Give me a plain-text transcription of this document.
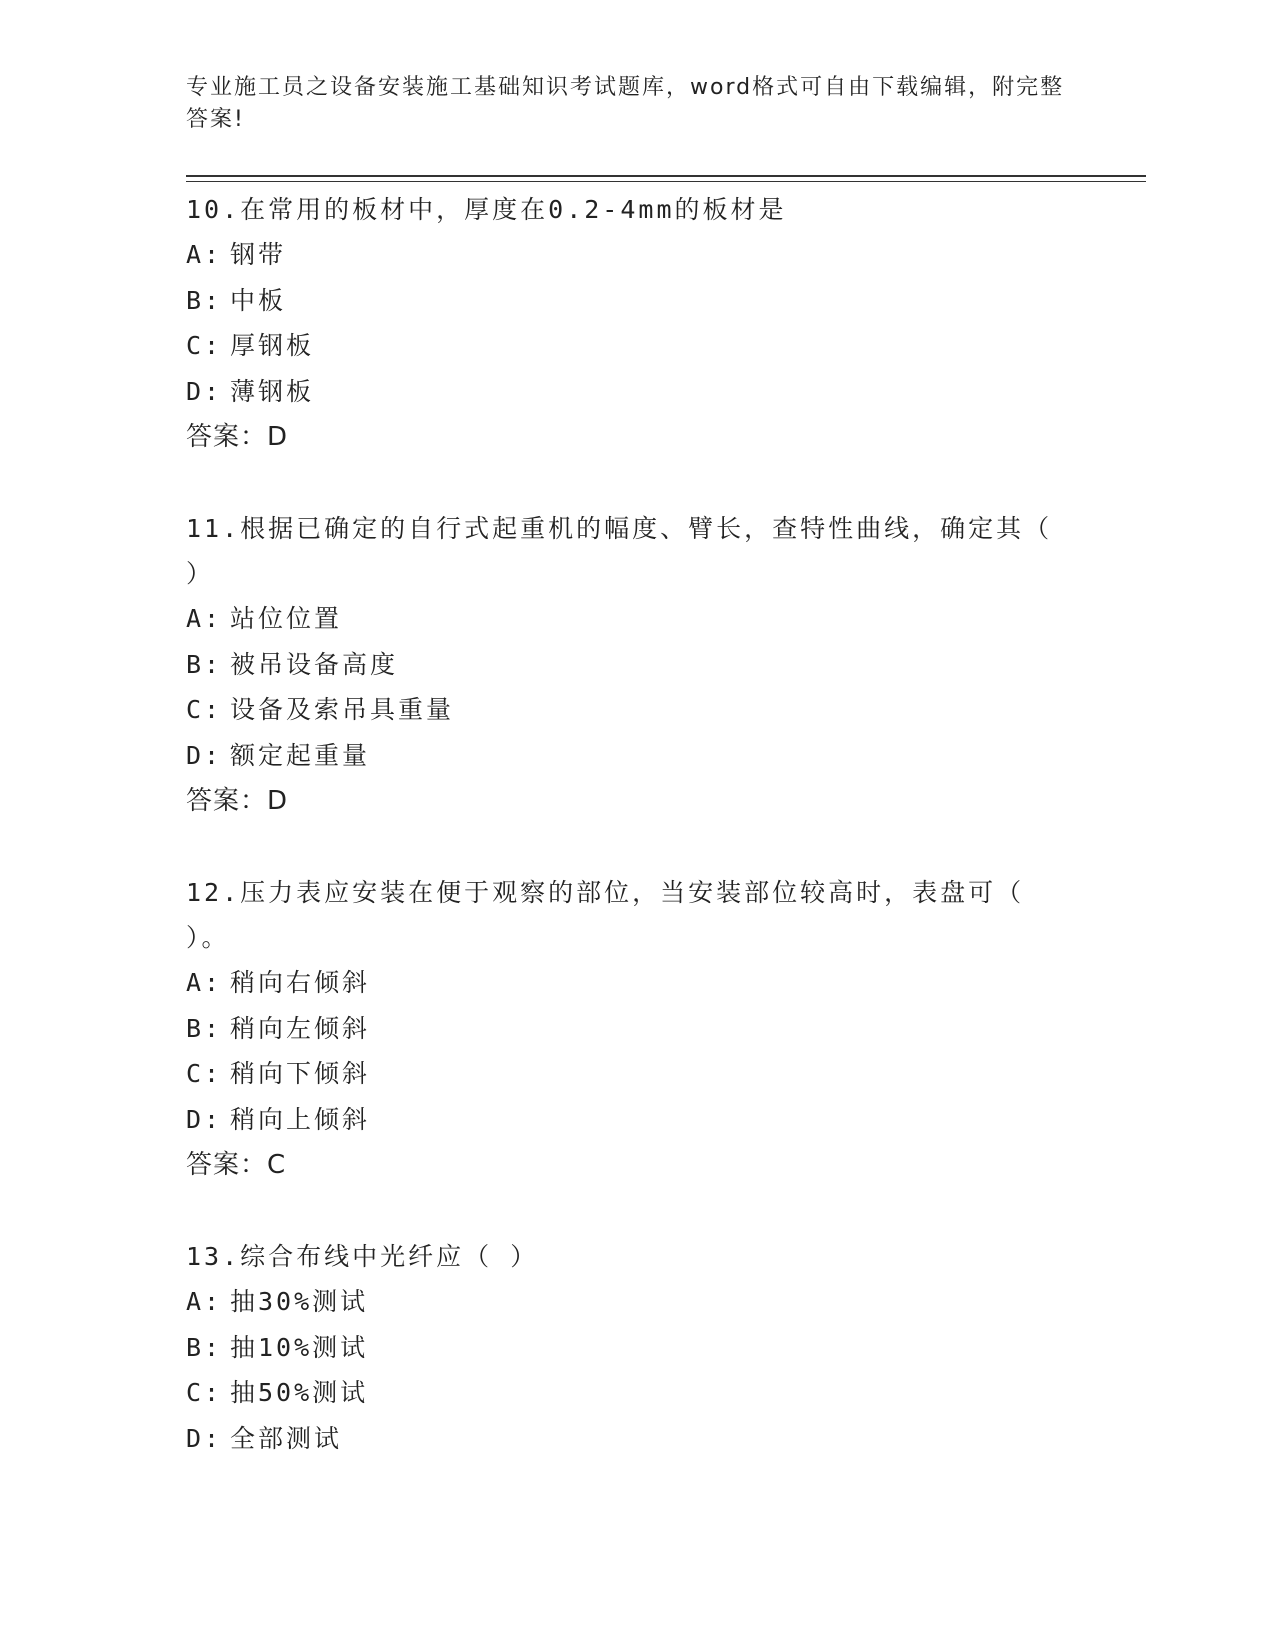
专业施工员之设备安装施工基础知识考试题库，word格式可自由下载编辑，附完整答案!

10.在常用的板材中，厚度在0.2-4mm的板材是

A: 钢带
B: 中板
C: 厚钢板
D: 薄钢板
答案：D

11.根据已确定的自行式起重机的幅度、臂长，查特性曲线，确定其（ ）

A: 站位位置
B: 被吊设备高度
C: 设备及索吊具重量
D: 额定起重量
答案：D

12.压力表应安装在便于观察的部位，当安装部位较高时，表盘可（ ）。

A: 稍向右倾斜
B: 稍向左倾斜
C: 稍向下倾斜
D: 稍向上倾斜
答案：C

13.综合布线中光纤应（ ）

A: 抽30%测试
B: 抽10%测试
C: 抽50%测试
D: 全部测试
